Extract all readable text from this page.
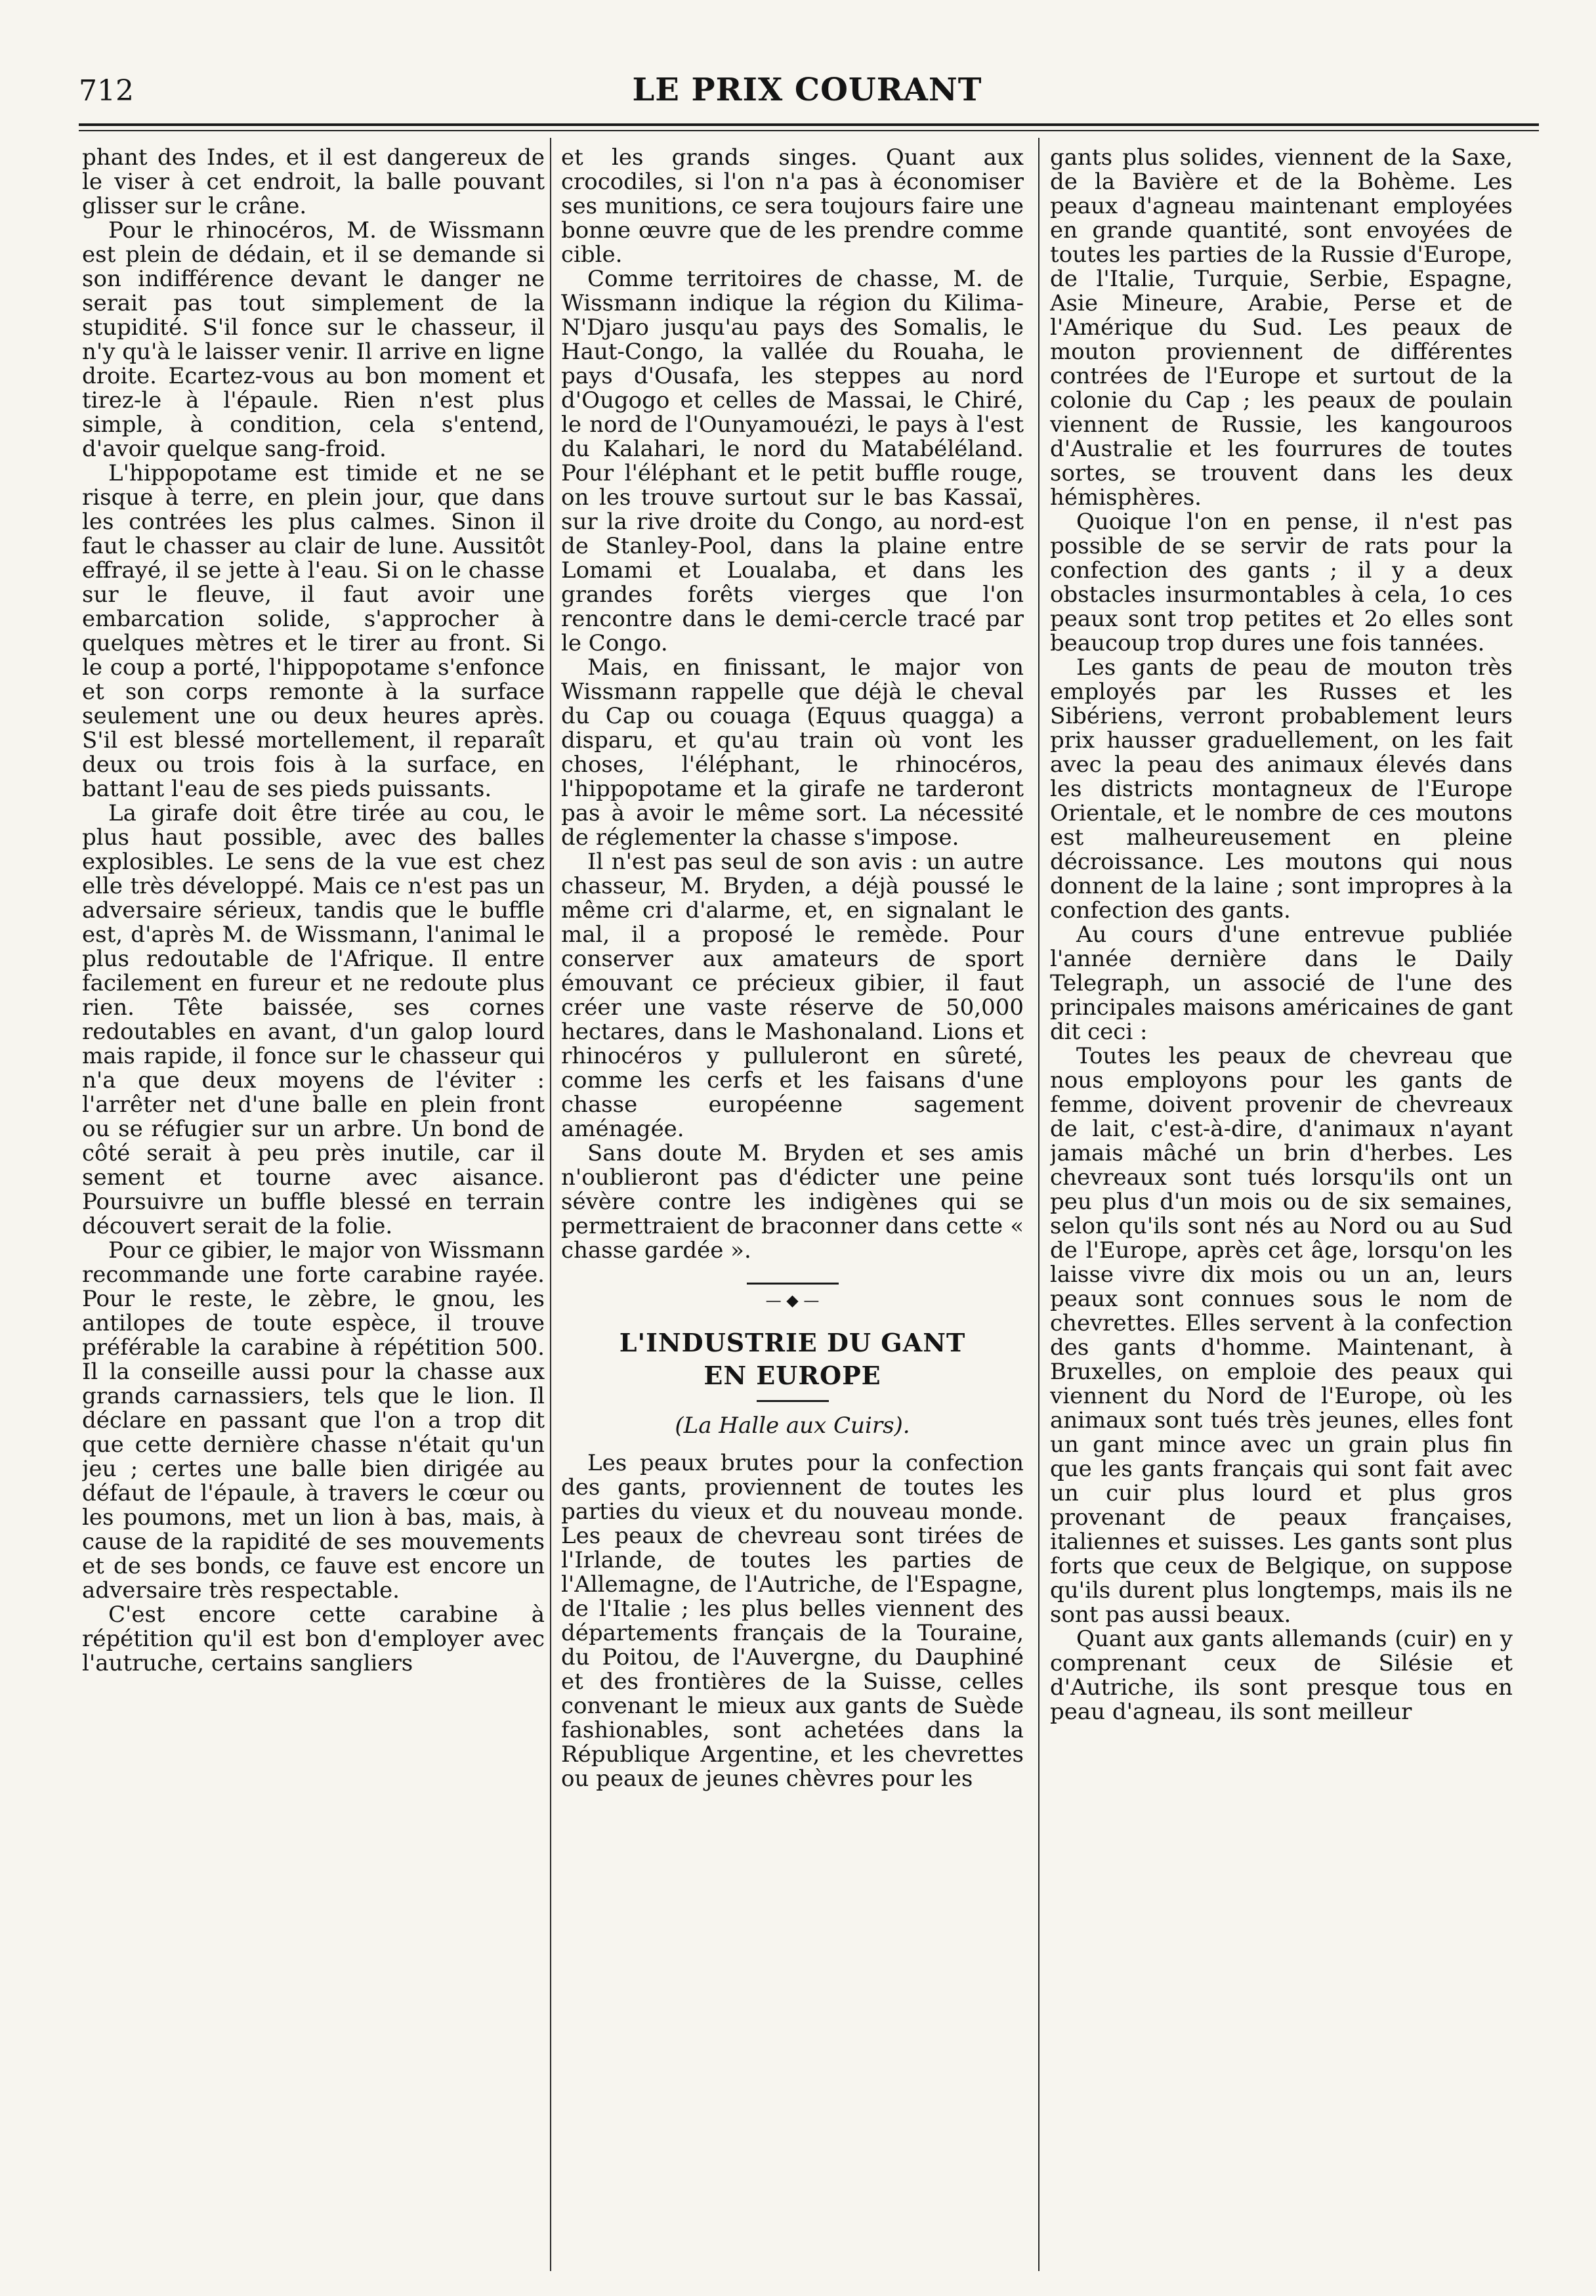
712	LE PRIX COURANT

phant des Indes, et il est dangereux de le viser à cet endroit, la balle pouvant glisser sur le crâne.

Pour le rhinocéros, M. de Wissmann est plein de dédain, et il se demande si son indifférence devant le danger ne serait pas tout simplement de la stupidité. S'il fonce sur le chasseur, il n'y qu'à le laisser venir. Il arrive en ligne droite. Ecartez-vous au bon moment et tirez-le à l'épaule. Rien n'est plus simple, à condition, cela s'entend, d'avoir quelque sang-froid.

L'hippopotame est timide et ne se risque à terre, en plein jour, que dans les contrées les plus calmes. Sinon il faut le chasser au clair de lune. Aussitôt effrayé, il se jette à l'eau. Si on le chasse sur le fleuve, il faut avoir une embarcation solide, s'approcher à quelques mètres et le tirer au front. Si le coup a porté, l'hippopotame s'enfonce et son corps remonte à la surface seulement une ou deux heures après. S'il est blessé mortellement, il reparaît deux ou trois fois à la surface, en battant l'eau de ses pieds puissants.

La girafe doit être tirée au cou, le plus haut possible, avec des balles explosibles. Le sens de la vue est chez elle très développé. Mais ce n'est pas un adversaire sérieux, tandis que le buffle est, d'après M. de Wissmann, l'animal le plus redoutable de l'Afrique. Il entre facilement en fureur et ne redoute plus rien. Tête baissée, ses cornes redoutables en avant, d'un galop lourd mais rapide, il fonce sur le chasseur qui n'a que deux moyens de l'éviter : l'arrêter net d'une balle en plein front ou se réfugier sur un arbre. Un bond de côté serait à peu près inutile, car il sement et tourne avec aisance. Poursuivre un buffle blessé en terrain découvert serait de la folie.

Pour ce gibier, le major von Wissmann recommande une forte carabine rayée. Pour le reste, le zèbre, le gnou, les antilopes de toute espèce, il trouve préférable la carabine à répétition 500. Il la conseille aussi pour la chasse aux grands carnassiers, tels que le lion. Il déclare en passant que l'on a trop dit que cette dernière chasse n'était qu'un jeu ; certes une balle bien dirigée au défaut de l'épaule, à travers le cœur ou les poumons, met un lion à bas, mais, à cause de la rapidité de ses mouvements et de ses bonds, ce fauve est encore un adversaire très respectable.

C'est encore cette carabine à répétition qu'il est bon d'employer avec l'autruche, certains sangliers

et les grands singes. Quant aux crocodiles, si l'on n'a pas à économiser ses munitions, ce sera toujours faire une bonne œuvre que de les prendre comme cible.

Comme territoires de chasse, M. de Wissmann indique la région du Kilima-N'Djaro jusqu'au pays des Somalis, le Haut-Congo, la vallée du Rouaha, le pays d'Ousafa, les steppes au nord d'Ougogo et celles de Massai, le Chiré, le nord de l'Ounyamouézi, le pays à l'est du Kalahari, le nord du Matabéléland. Pour l'éléphant et le petit buffle rouge, on les trouve surtout sur le bas Kassaï, sur la rive droite du Congo, au nord-est de Stanley-Pool, dans la plaine entre Lomami et Loualaba, et dans les grandes forêts vierges que l'on rencontre dans le demi-cercle tracé par le Congo.

Mais, en finissant, le major von Wissmann rappelle que déjà le cheval du Cap ou couaga (Equus quagga) a disparu, et qu'au train où vont les choses, l'éléphant, le rhinocéros, l'hippopotame et la girafe ne tarderont pas à avoir le même sort. La nécessité de réglementer la chasse s'impose.

Il n'est pas seul de son avis : un autre chasseur, M. Bryden, a déjà poussé le même cri d'alarme, et, en signalant le mal, il a proposé le remède. Pour conserver aux amateurs de sport émouvant ce précieux gibier, il faut créer une vaste réserve de 50,000 hectares, dans le Mashonaland. Lions et rhinocéros y pulluleront en sûreté, comme les cerfs et les faisans d'une chasse européenne sagement aménagée.

Sans doute M. Bryden et ses amis n'oublieront pas d'édicter une peine sévère contre les indigènes qui se permettraient de braconner dans cette « chasse gardée ».

— ◆ —
L'INDUSTRIE DU GANT
EN EUROPE
(La Halle aux Cuirs).

Les peaux brutes pour la confection des gants, proviennent de toutes les parties du vieux et du nouveau monde. Les peaux de chevreau sont tirées de l'Irlande, de toutes les parties de l'Allemagne, de l'Autriche, de l'Espagne, de l'Italie ; les plus belles viennent des départements français de la Touraine, du Poitou, de l'Auvergne, du Dauphiné et des frontières de la Suisse, celles convenant le mieux aux gants de Suède fashionables, sont achetées dans la République Argentine, et les chevrettes ou peaux de jeunes chèvres pour les

gants plus solides, viennent de la Saxe, de la Bavière et de la Bohème. Les peaux d'agneau maintenant employées en grande quantité, sont envoyées de toutes les parties de la Russie d'Europe, de l'Italie, Turquie, Serbie, Espagne, Asie Mineure, Arabie, Perse et de l'Amérique du Sud. Les peaux de mouton proviennent de différentes contrées de l'Europe et surtout de la colonie du Cap ; les peaux de poulain viennent de Russie, les kangouroos d'Australie et les fourrures de toutes sortes, se trouvent dans les deux hémisphères.

Quoique l'on en pense, il n'est pas possible de se servir de rats pour la confection des gants ; il y a deux obstacles insurmontables à cela, 1o ces peaux sont trop petites et 2o elles sont beaucoup trop dures une fois tannées.

Les gants de peau de mouton très employés par les Russes et les Sibériens, verront probablement leurs prix hausser graduellement, on les fait avec la peau des animaux élevés dans les districts montagneux de l'Europe Orientale, et le nombre de ces moutons est malheureusement en pleine décroissance. Les moutons qui nous donnent de la laine ; sont impropres à la confection des gants.

Au cours d'une entrevue publiée l'année dernière dans le Daily Telegraph, un associé de l'une des principales maisons américaines de gant dit ceci :

Toutes les peaux de chevreau que nous employons pour les gants de femme, doivent provenir de chevreaux de lait, c'est-à-dire, d'animaux n'ayant jamais mâché un brin d'herbes. Les chevreaux sont tués lorsqu'ils ont un peu plus d'un mois ou de six semaines, selon qu'ils sont nés au Nord ou au Sud de l'Europe, après cet âge, lorsqu'on les laisse vivre dix mois ou un an, leurs peaux sont connues sous le nom de chevrettes. Elles servent à la confection des gants d'homme. Maintenant, à Bruxelles, on emploie des peaux qui viennent du Nord de l'Europe, où les animaux sont tués très jeunes, elles font un gant mince avec un grain plus fin que les gants français qui sont fait avec un cuir plus lourd et plus gros provenant de peaux françaises, italiennes et suisses. Les gants sont plus forts que ceux de Belgique, on suppose qu'ils durent plus longtemps, mais ils ne sont pas aussi beaux.

Quant aux gants allemands (cuir) en y comprenant ceux de Silésie et d'Autriche, ils sont presque tous en peau d'agneau, ils sont meilleur
